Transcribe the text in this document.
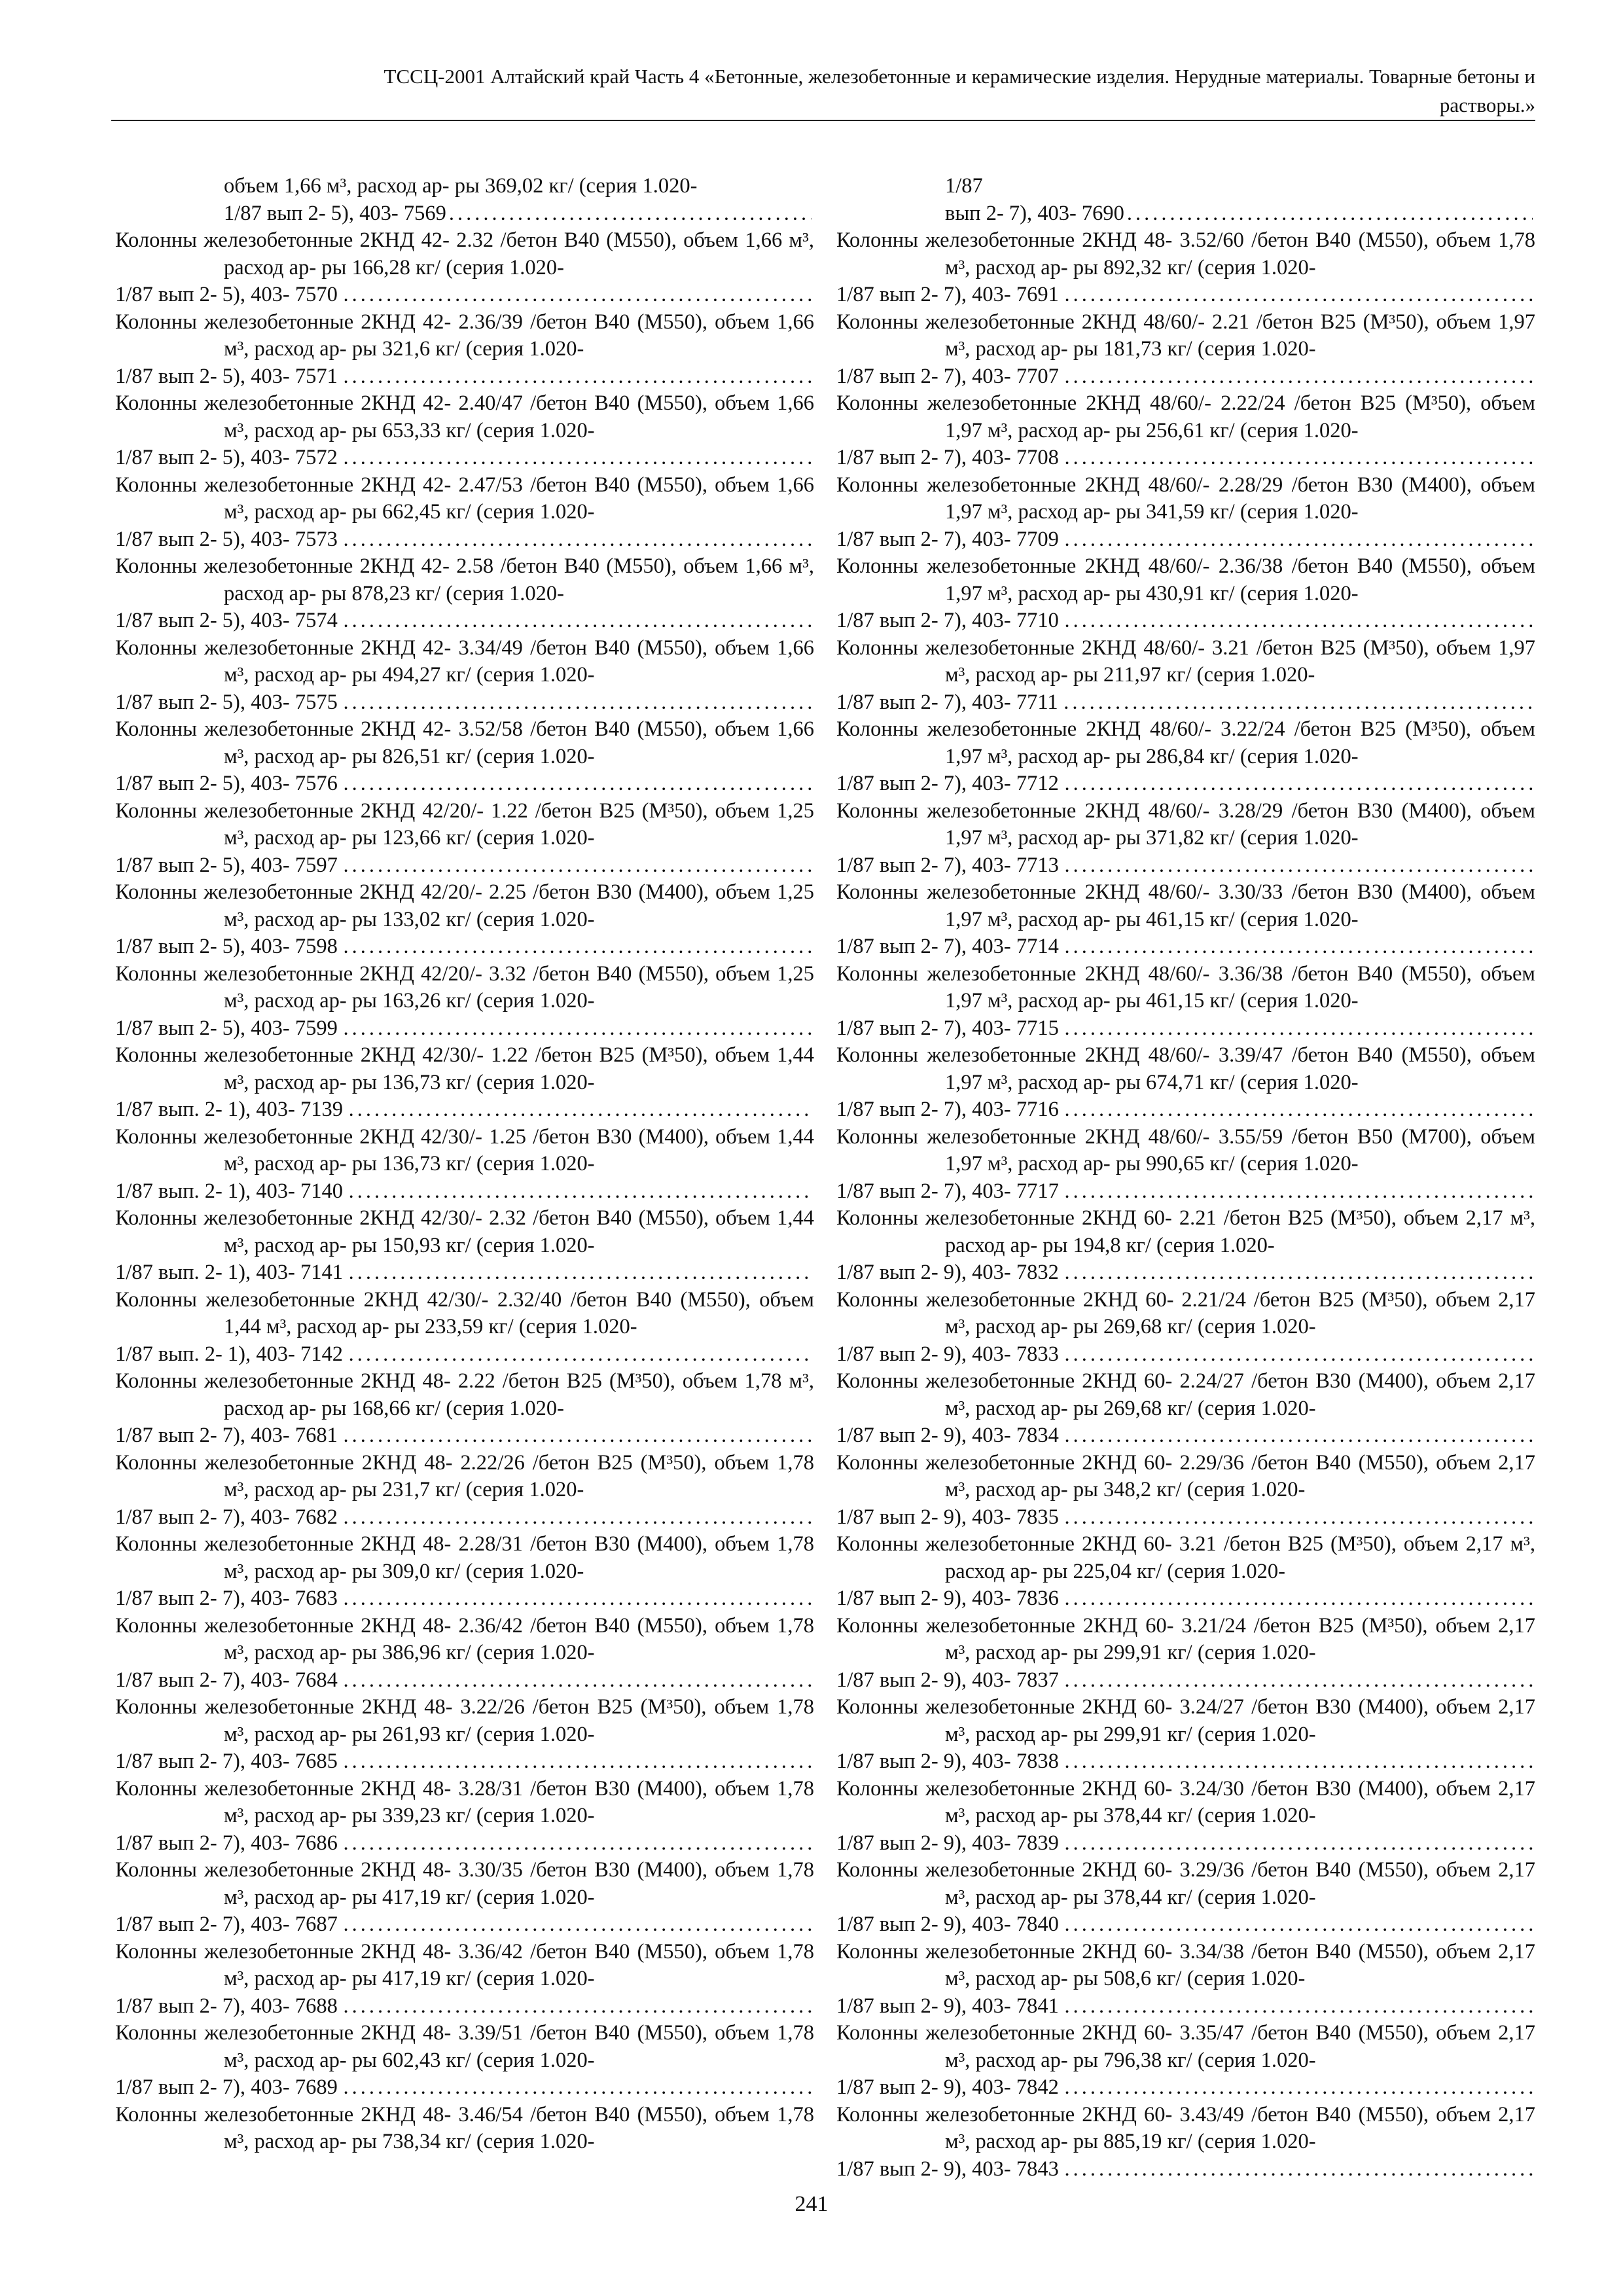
ТССЦ-2001 Алтайский край Часть 4 «Бетонные, железобетонные и керамические изделия. Нерудные материалы. Товарные бетоны и
растворы.»
объем 1,66 м³, расход ар- ры 369,02 кг/ (серия 1.020-
1/87 вып 2- 5), 403- 7569
.....
Колонны железобетонные 2КНД 42- 2.32 /бетон В40 (М550), объем 1,66 м³, расход ар- ры 166,28 кг/ (серия 1.020-
1/87 вып 2- 5), 403- 7570
.....
Колонны железобетонные 2КНД 42- 2.36/39 /бетон В40 (М550), объем 1,66 м³, расход ар- ры 321,6 кг/ (серия 1.020-
1/87 вып 2- 5), 403- 7571
.....
Колонны железобетонные 2КНД 42- 2.40/47 /бетон В40 (М550), объем 1,66 м³, расход ар- ры 653,33 кг/ (серия 1.020-
1/87 вып 2- 5), 403- 7572
.....
Колонны железобетонные 2КНД 42- 2.47/53 /бетон В40 (М550), объем 1,66 м³, расход ар- ры 662,45 кг/ (серия 1.020-
1/87 вып 2- 5), 403- 7573
.....
Колонны железобетонные 2КНД 42- 2.58 /бетон В40 (М550), объем 1,66 м³, расход ар- ры 878,23 кг/ (серия 1.020-
1/87 вып 2- 5), 403- 7574
.....
Колонны железобетонные 2КНД 42- 3.34/49 /бетон В40 (М550), объем 1,66 м³, расход ар- ры 494,27 кг/ (серия 1.020-
1/87 вып 2- 5), 403- 7575
.....
Колонны железобетонные 2КНД 42- 3.52/58 /бетон В40 (М550), объем 1,66 м³, расход ар- ры 826,51 кг/ (серия 1.020-
1/87 вып 2- 5), 403- 7576
.....
Колонны железобетонные 2КНД 42/20/- 1.22 /бетон В25 (М³50), объем 1,25 м³, расход ар- ры 123,66 кг/ (серия 1.020-
1/87 вып 2- 5), 403- 7597
.....
Колонны железобетонные 2КНД 42/20/- 2.25 /бетон В30 (М400), объем 1,25 м³, расход ар- ры 133,02 кг/ (серия 1.020-
1/87 вып 2- 5), 403- 7598
.....
Колонны железобетонные 2КНД 42/20/- 3.32 /бетон В40 (М550), объем 1,25 м³, расход ар- ры 163,26 кг/ (серия 1.020-
1/87 вып 2- 5), 403- 7599
.....
Колонны железобетонные 2КНД 42/30/- 1.22 /бетон В25 (М³50), объем 1,44 м³, расход ар- ры 136,73 кг/ (серия 1.020-
1/87 вып. 2- 1), 403- 7139
.....
Колонны железобетонные 2КНД 42/30/- 1.25 /бетон В30 (М400), объем 1,44 м³, расход ар- ры 136,73 кг/ (серия 1.020-
1/87 вып. 2- 1), 403- 7140
.....
Колонны железобетонные 2КНД 42/30/- 2.32 /бетон В40 (М550), объем 1,44 м³, расход ар- ры 150,93 кг/ (серия 1.020-
1/87 вып. 2- 1), 403- 7141
.....
Колонны железобетонные 2КНД 42/30/- 2.32/40 /бетон В40 (М550), объем 1,44 м³, расход ар- ры 233,59 кг/ (серия 1.020-
1/87 вып. 2- 1), 403- 7142
.....
Колонны железобетонные 2КНД 48- 2.22 /бетон В25 (М³50), объем 1,78 м³, расход ар- ры 168,66 кг/ (серия 1.020-
1/87 вып 2- 7), 403- 7681
.....
Колонны железобетонные 2КНД 48- 2.22/26 /бетон В25 (М³50), объем 1,78 м³, расход ар- ры 231,7 кг/ (серия 1.020-
1/87 вып 2- 7), 403- 7682
.....
Колонны железобетонные 2КНД 48- 2.28/31 /бетон В30 (М400), объем 1,78 м³, расход ар- ры 309,0 кг/ (серия 1.020-
1/87 вып 2- 7), 403- 7683
.....
Колонны железобетонные 2КНД 48- 2.36/42 /бетон В40 (М550), объем 1,78 м³, расход ар- ры 386,96 кг/ (серия 1.020-
1/87 вып 2- 7), 403- 7684
.....
Колонны железобетонные 2КНД 48- 3.22/26 /бетон В25 (М³50), объем 1,78 м³, расход ар- ры 261,93 кг/ (серия 1.020-
1/87 вып 2- 7), 403- 7685
.....
Колонны железобетонные 2КНД 48- 3.28/31 /бетон В30 (М400), объем 1,78 м³, расход ар- ры 339,23 кг/ (серия 1.020-
1/87 вып 2- 7), 403- 7686
.....
Колонны железобетонные 2КНД 48- 3.30/35 /бетон В30 (М400), объем 1,78 м³, расход ар- ры 417,19 кг/ (серия 1.020-
1/87 вып 2- 7), 403- 7687
.....
Колонны железобетонные 2КНД 48- 3.36/42 /бетон В40 (М550), объем 1,78 м³, расход ар- ры 417,19 кг/ (серия 1.020-
1/87 вып 2- 7), 403- 7688
.....
Колонны железобетонные 2КНД 48- 3.39/51 /бетон В40 (М550), объем 1,78 м³, расход ар- ры 602,43 кг/ (серия 1.020-
1/87 вып 2- 7), 403- 7689
.....
Колонны железобетонные 2КНД 48- 3.46/54 /бетон В40 (М550), объем 1,78 м³, расход ар- ры 738,34 кг/ (серия 1.020-
1/87
вып 2- 7), 403- 7690
.....
Колонны железобетонные 2КНД 48- 3.52/60 /бетон В40 (М550), объем 1,78 м³, расход ар- ры 892,32 кг/ (серия 1.020-
1/87 вып 2- 7), 403- 7691
.....
Колонны железобетонные 2КНД 48/60/- 2.21 /бетон В25 (М³50), объем 1,97 м³, расход ар- ры 181,73 кг/ (серия 1.020-
1/87 вып 2- 7), 403- 7707
.....
Колонны железобетонные 2КНД 48/60/- 2.22/24 /бетон В25 (М³50), объем 1,97 м³, расход ар- ры 256,61 кг/ (серия 1.020-
1/87 вып 2- 7), 403- 7708
.....
Колонны железобетонные 2КНД 48/60/- 2.28/29 /бетон В30 (М400), объем 1,97 м³, расход ар- ры 341,59 кг/ (серия 1.020-
1/87 вып 2- 7), 403- 7709
.....
Колонны железобетонные 2КНД 48/60/- 2.36/38 /бетон В40 (М550), объем 1,97 м³, расход ар- ры 430,91 кг/ (серия 1.020-
1/87 вып 2- 7), 403- 7710
.....
Колонны железобетонные 2КНД 48/60/- 3.21 /бетон В25 (М³50), объем 1,97 м³, расход ар- ры 211,97 кг/ (серия 1.020-
1/87 вып 2- 7), 403- 7711
.....
Колонны железобетонные 2КНД 48/60/- 3.22/24 /бетон В25 (М³50), объем 1,97 м³, расход ар- ры 286,84 кг/ (серия 1.020-
1/87 вып 2- 7), 403- 7712
.....
Колонны железобетонные 2КНД 48/60/- 3.28/29 /бетон В30 (М400), объем 1,97 м³, расход ар- ры 371,82 кг/ (серия 1.020-
1/87 вып 2- 7), 403- 7713
.....
Колонны железобетонные 2КНД 48/60/- 3.30/33 /бетон В30 (М400), объем 1,97 м³, расход ар- ры 461,15 кг/ (серия 1.020-
1/87 вып 2- 7), 403- 7714
.....
Колонны железобетонные 2КНД 48/60/- 3.36/38 /бетон В40 (М550), объем 1,97 м³, расход ар- ры 461,15 кг/ (серия 1.020-
1/87 вып 2- 7), 403- 7715
.....
Колонны железобетонные 2КНД 48/60/- 3.39/47 /бетон В40 (М550), объем 1,97 м³, расход ар- ры 674,71 кг/ (серия 1.020-
1/87 вып 2- 7), 403- 7716
.....
Колонны железобетонные 2КНД 48/60/- 3.55/59 /бетон В50 (М700), объем 1,97 м³, расход ар- ры 990,65 кг/ (серия 1.020-
1/87 вып 2- 7), 403- 7717
.....
Колонны железобетонные 2КНД 60- 2.21 /бетон В25 (М³50), объем 2,17 м³, расход ар- ры 194,8 кг/ (серия 1.020-
1/87 вып 2- 9), 403- 7832
.....
Колонны железобетонные 2КНД 60- 2.21/24 /бетон В25 (М³50), объем 2,17 м³, расход ар- ры 269,68 кг/ (серия 1.020-
1/87 вып 2- 9), 403- 7833
.....
Колонны железобетонные 2КНД 60- 2.24/27 /бетон В30 (М400), объем 2,17 м³, расход ар- ры 269,68 кг/ (серия 1.020-
1/87 вып 2- 9), 403- 7834
.....
Колонны железобетонные 2КНД 60- 2.29/36 /бетон В40 (М550), объем 2,17 м³, расход ар- ры 348,2 кг/ (серия 1.020-
1/87 вып 2- 9), 403- 7835
.....
Колонны железобетонные 2КНД 60- 3.21 /бетон В25 (М³50), объем 2,17 м³, расход ар- ры 225,04 кг/ (серия 1.020-
1/87 вып 2- 9), 403- 7836
.....
Колонны железобетонные 2КНД 60- 3.21/24 /бетон В25 (М³50), объем 2,17 м³, расход ар- ры 299,91 кг/ (серия 1.020-
1/87 вып 2- 9), 403- 7837
.....
Колонны железобетонные 2КНД 60- 3.24/27 /бетон В30 (М400), объем 2,17 м³, расход ар- ры 299,91 кг/ (серия 1.020-
1/87 вып 2- 9), 403- 7838
.....
Колонны железобетонные 2КНД 60- 3.24/30 /бетон В30 (М400), объем 2,17 м³, расход ар- ры 378,44 кг/ (серия 1.020-
1/87 вып 2- 9), 403- 7839
.....
Колонны железобетонные 2КНД 60- 3.29/36 /бетон В40 (М550), объем 2,17 м³, расход ар- ры 378,44 кг/ (серия 1.020-
1/87 вып 2- 9), 403- 7840
.....
Колонны железобетонные 2КНД 60- 3.34/38 /бетон В40 (М550), объем 2,17 м³, расход ар- ры 508,6 кг/ (серия 1.020-
1/87 вып 2- 9), 403- 7841
.....
Колонны железобетонные 2КНД 60- 3.35/47 /бетон В40 (М550), объем 2,17 м³, расход ар- ры 796,38 кг/ (серия 1.020-
1/87 вып 2- 9), 403- 7842
.....
Колонны железобетонные 2КНД 60- 3.43/49 /бетон В40 (М550), объем 2,17 м³, расход ар- ры 885,19 кг/ (серия 1.020-
1/87 вып 2- 9), 403- 7843
.....
241
